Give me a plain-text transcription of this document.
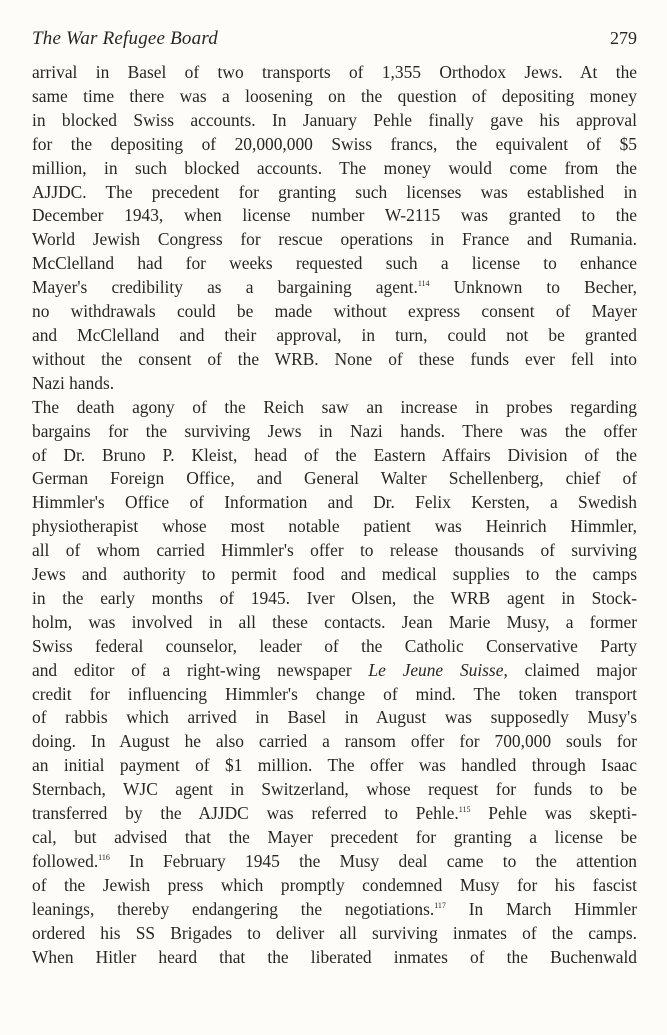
The War Refugee Board	279
arrival in Basel of two transports of 1,355 Orthodox Jews. At the
same time there was a loosening on the question of depositing money
in blocked Swiss accounts. In January Pehle finally gave his approval
for the depositing of 20,000,000 Swiss francs, the equivalent of $5
million, in such blocked accounts. The money would come from the
AJJDC. The precedent for granting such licenses was established in
December 1943, when license number W-2115 was granted to the
World Jewish Congress for rescue operations in France and Rumania.
McClelland had for weeks requested such a license to enhance
Mayer's credibility as a bargaining agent.$^{114}$ Unknown to Becher,
no withdrawals could be made without express consent of Mayer
and McClelland and their approval, in turn, could not be granted
without the consent of the WRB. None of these funds ever fell into
Nazi hands.
The death agony of the Reich saw an increase in probes regarding
bargains for the surviving Jews in Nazi hands. There was the offer
of Dr. Bruno P. Kleist, head of the Eastern Affairs Division of the
German Foreign Office, and General Walter Schellenberg, chief of
Himmler's Office of Information and Dr. Felix Kersten, a Swedish
physiotherapist whose most notable patient was Heinrich Himmler,
all of whom carried Himmler's offer to release thousands of surviving
Jews and authority to permit food and medical supplies to the camps
in the early months of 1945. Iver Olsen, the WRB agent in Stock-
holm, was involved in all these contacts. Jean Marie Musy, a former
Swiss federal counselor, leader of the Catholic Conservative Party
and editor of a right-wing newspaper Le Jeune Suisse, claimed major
credit for influencing Himmler's change of mind. The token transport
of rabbis which arrived in Basel in August was supposedly Musy's
doing. In August he also carried a ransom offer for 700,000 souls for
an initial payment of $1 million. The offer was handled through Isaac
Sternbach, WJC agent in Switzerland, whose request for funds to be
transferred by the AJJDC was referred to Pehle.$^{115}$ Pehle was skepti-
cal, but advised that the Mayer precedent for granting a license be
followed.$^{116}$ In February 1945 the Musy deal came to the attention
of the Jewish press which promptly condemned Musy for his fascist
leanings, thereby endangering the negotiations.$^{117}$ In March Himmler
ordered his SS Brigades to deliver all surviving inmates of the camps.
When Hitler heard that the liberated inmates of the Buchenwald
